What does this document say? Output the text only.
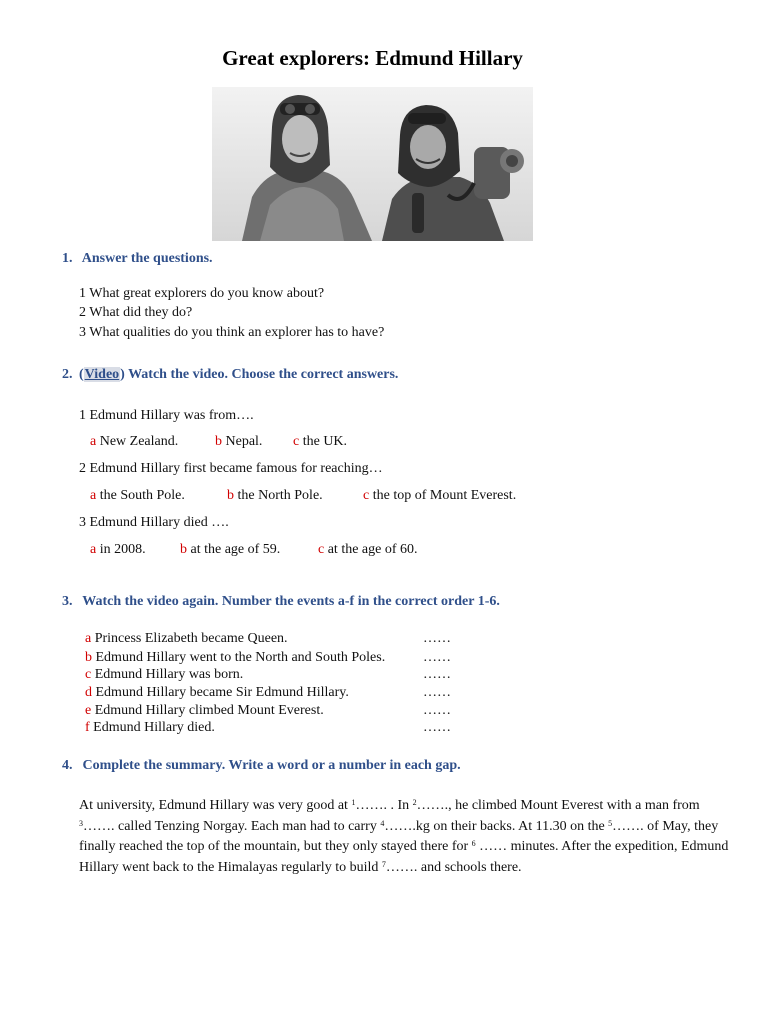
Great explorers: Edmund Hillary

1. Answer the questions.

1 What great explorers do you know about?

2 What did they do?

3 What qualities do you think an explorer has to have?

2. (Video) Watch the video. Choose the correct answers.

1 Edmund Hillary was from….

a New Zealand.	b Nepal. c the UK.

2 Edmund Hillary first became famous for reaching…

a the South Pole.	b the North Pole.	c the top of Mount Everest.

3 Edmund Hillary died ….

a in 2008. b at the age of 59.	c at the age of 60.

3. Watch the video again. Number the events a-f in the correct order 1-6.

a Princess Elizabeth became Queen.	……

b Edmund Hillary went to the North and South Poles.	……

c Edmund Hillary was born.	……

d Edmund Hillary became Sir Edmund Hillary.	……

e Edmund Hillary climbed Mount Everest.	……

f Edmund Hillary died.	……

4. Complete the summary. Write a word or a number in each gap.

At university, Edmund Hillary was very good at $^1$……. . In $^2$……., he climbed Mount Everest with a man from $^3$……. called Tenzing Norgay. Each man had to carry $^4$…….kg on their backs. At 11.30 on the $^5$……. of May, they finally reached the top of the mountain, but they only stayed there for $^6$ …… minutes. After the expedition, Edmund Hillary went back to the Himalayas regularly to build $^7$……. and schools there.
